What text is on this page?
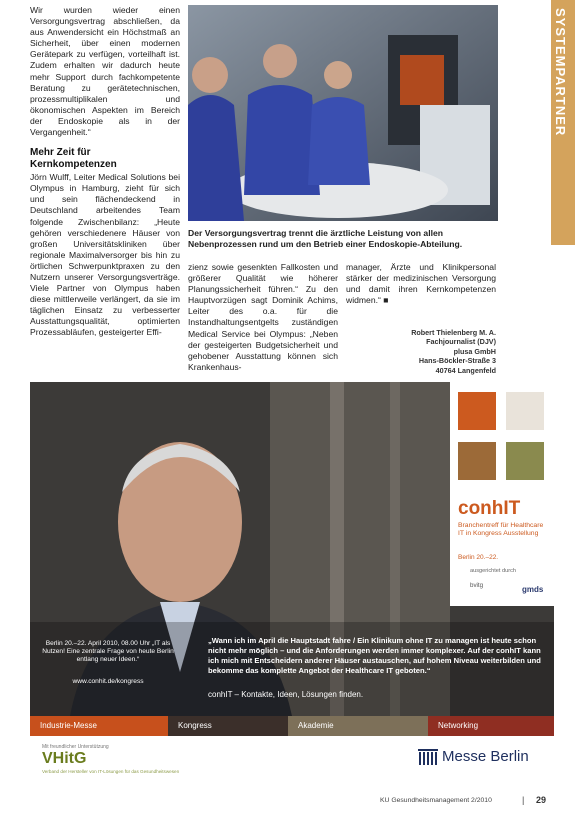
SYSTEMPARTNER

Wir wurden wieder einen Versorgungsvertrag abschließen, da aus Anwendersicht ein Höchstmaß an Sicherheit, über einen modernen Gerätepark zu verfügen, vorteilhaft ist. Zudem erhalten wir dadurch heute mehr Support durch fachkompetente Beratung zu gerätetechnischen, prozessmultiplikalen und ökonomischen Aspekten im Bereich der Endoskopie als in der Vergangenheit.“

Mehr Zeit für Kernkompetenzen

Jörn Wulff, Leiter Medical Solutions bei Olympus in Hamburg, zieht für sich und sein flächendeckend in Deutschland arbeitendes Team folgende Zwischenbilanz: „Heute gehören verschiedenere Häuser von großen Universitätskliniken über regionale Maximalversorger bis hin zu örtlichen Schwerpunktpraxen zu den Nutzern unserer Versorgungsverträge. Viele Partner von Olympus haben diese mittlerweile verlängert, da sie im täglichen Einsatz zu verbesserter Ausstattungsqualität, optimierten Prozessabläufen, gesteigerter Effi-

Der Versorgungsvertrag trennt die ärztliche Leistung von allen Nebenprozessen rund um den Betrieb einer Endoskopie-Abteilung.

zienz sowie gesenkten Fallkosten und größerer Qualität wie höherer Planungssicherheit führen.“ Zu den Hauptvorzügen sagt Dominik Achims, Leiter des o.a. für die Instandhaltungsentgelts zuständigen Medical Service bei Olympus: „Neben der gesteigerten Budgetsicherheit und gehobener Ausstattung können sich Krankenhaus-

manager, Ärzte und Klinikpersonal stärker der medizinischen Versorgung und damit ihren Kernkompetenzen widmen.“ ■

Robert Thielenberg M. A.
Fachjournalist (DJV)
plusa GmbH
Hans-Böckler-Straße 3
40764 Langenfeld
conhIT
Branchentreff für Healthcare IT in Kongress Ausstellung
Berlin 20.–22.
ausgerichtet durch
bvitg	gmds
Berlin 20.–22. April 2010, 08.00 Uhr „IT als Nutzen! Eine zentrale Frage von heute Berlin entlang neuer Ideen.“
www.conhit.de/kongress
„Wann ich im April die Hauptstadt fahre / Ein Klinikum ohne IT zu managen ist heute schon nicht mehr möglich – und die Anforderungen werden immer komplexer. Auf der conhIT kann ich mich mit Entscheidern anderer Häuser austauschen, auf hohem Niveau weiterbilden und bekomme das komplette Angebot der Healthcare IT geboten.“
conhIT – Kontakte, Ideen, Lösungen finden.
Industrie-Messe	Kongress	Akademie	Networking
Mit freundlicher Unterstützung
VHitG
Verband der Hersteller von IT-Lösungen für das Gesundheitswesen
Messe Berlin
KU Gesundheitsmanagement 2/2010	| 29
